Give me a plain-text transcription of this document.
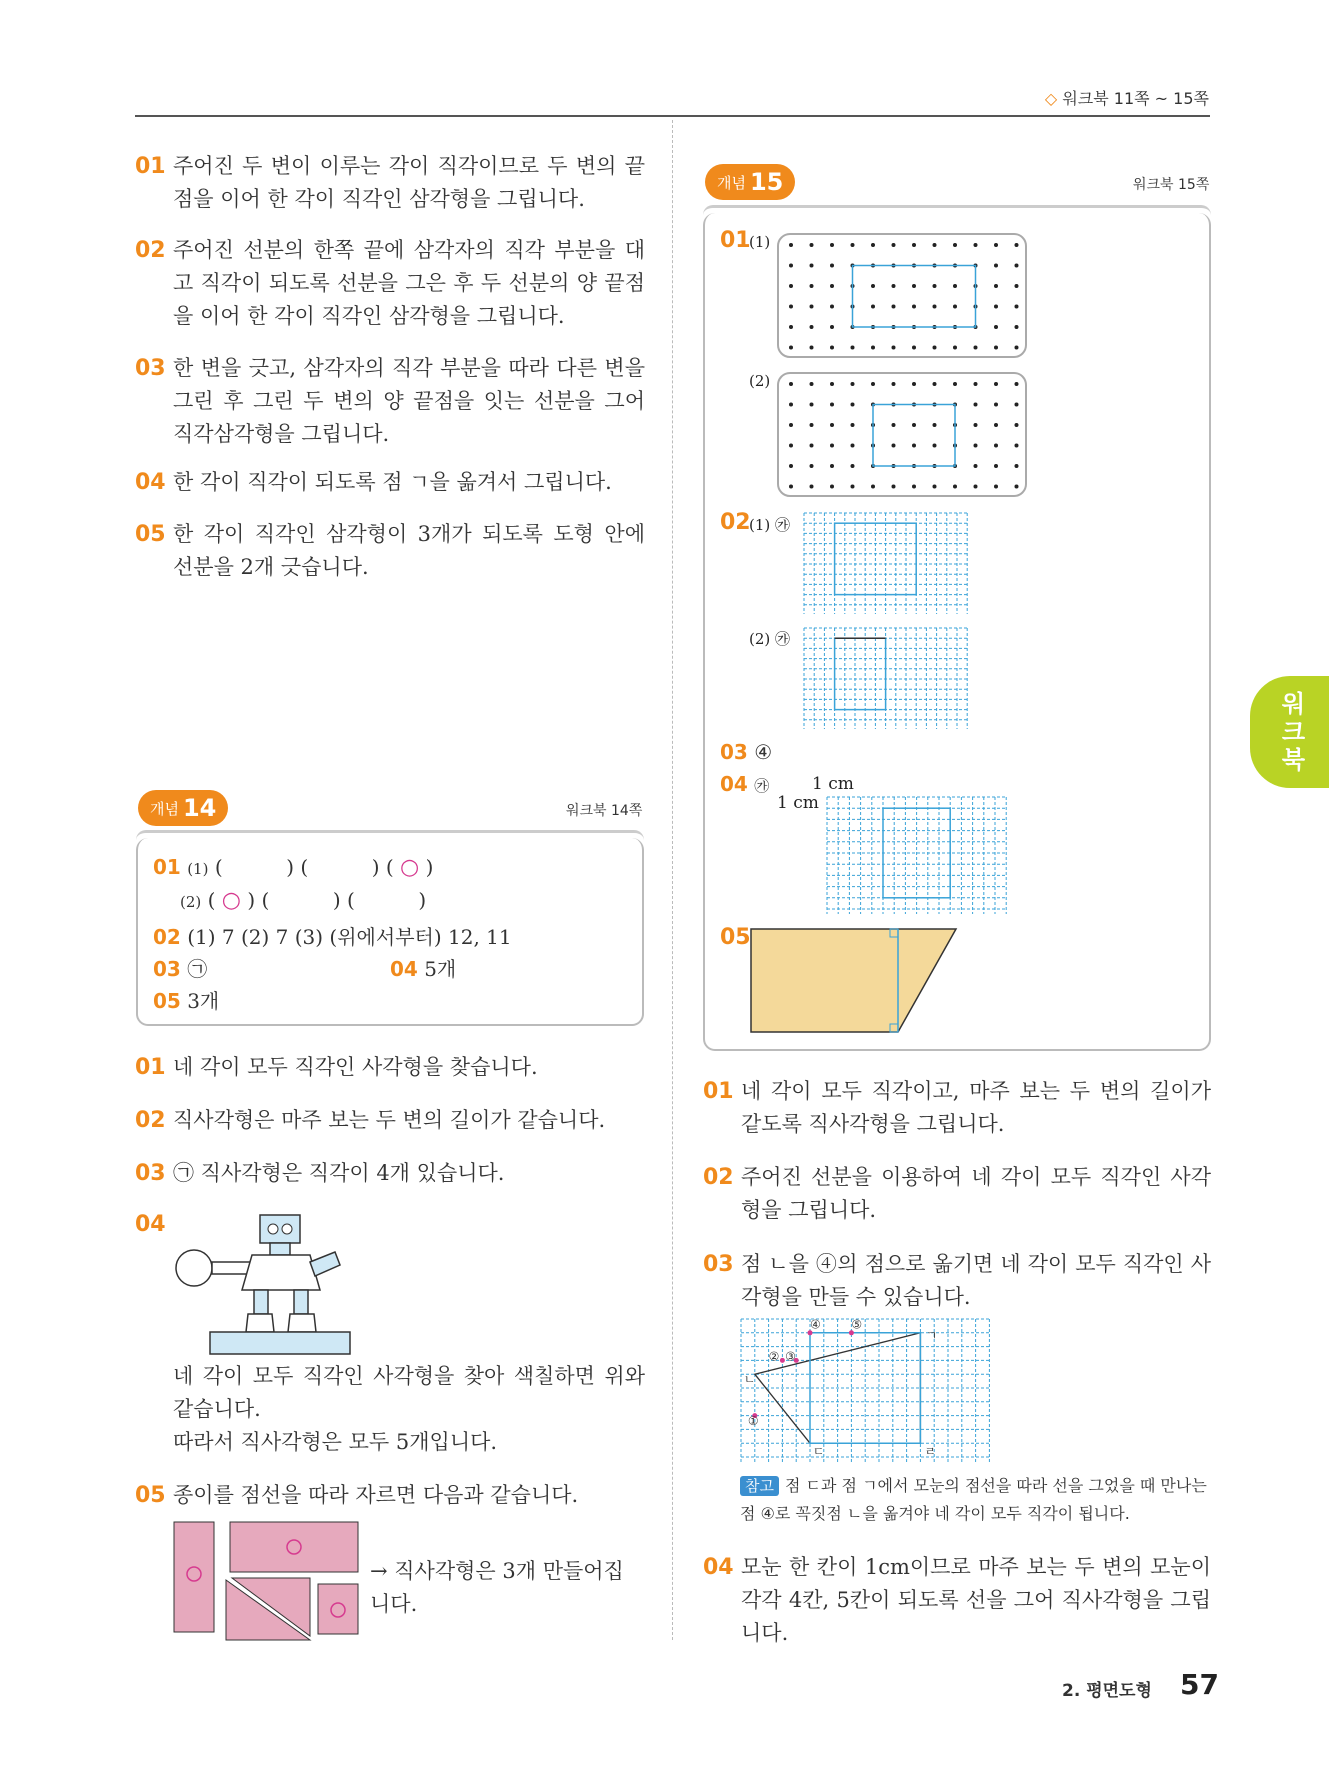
◇ 워크북 11쪽 ~ 15쪽
01 주어진 두 변이 이루는 각이 직각이므로 두 변의 끝점을 이어 한 각이 직각인 삼각형을 그립니다.
02 주어진 선분의 한쪽 끝에 삼각자의 직각 부분을 대고 직각이 되도록 선분을 그은 후 두 선분의 양 끝점을 이어 한 각이 직각인 삼각형을 그립니다.
03 한 변을 긋고, 삼각자의 직각 부분을 따라 다른 변을 그린 후 그린 두 변의 양 끝점을 잇는 선분을 그어 직각삼각형을 그립니다.
04 한 각이 직각이 되도록 점 ㄱ을 옮겨서 그립니다.
05 한 각이 직각인 삼각형이 3개가 되도록 도형 안에 선분을 2개 긋습니다.
개념 14	워크북 14쪽
01 (1) (          ) (          ) ( ○ )
(2) ( ○ ) (          ) (          )
02 (1) 7 (2) 7 (3) (위에서부터) 12, 11
03 ㉠	04 5개
05 3개
01 네 각이 모두 직각인 사각형을 찾습니다.
02 직사각형은 마주 보는 두 변의 길이가 같습니다.
03 ㉠ 직사각형은 직각이 4개 있습니다.
04
네 각이 모두 직각인 사각형을 찾아 색칠하면 위와 같습니다.
따라서 직사각형은 모두 5개입니다.
05 종이를 점선을 따라 자르면 다음과 같습니다.
→ 직사각형은 3개 만들어집니다.
개념 15	워크북 15쪽
01
(1)
(2)
02
(1) ㉮
(2) ㉮
03 ④
04 ㉮	1 cm
1 cm
05
01 네 각이 모두 직각이고, 마주 보는 두 변의 길이가 같도록 직사각형을 그립니다.
02 주어진 선분을 이용하여 네 각이 모두 직각인 사각형을 그립니다.
03 점 ㄴ을 ④의 점으로 옮기면 네 각이 모두 직각인 사각형을 만들 수 있습니다.
④	⑤
② ③
①
ㄱ
ㄴ
ㄷ	ㄹ
참고 점 ㄷ과 점 ㄱ에서 모눈의 점선을 따라 선을 그었을 때 만나는 점 ④로 꼭짓점 ㄴ을 옮겨야 네 각이 모두 직각이 됩니다.
04 모눈 한 칸이 1cm이므로 마주 보는 두 변의 모눈이 각각 4칸, 5칸이 되도록 선을 그어 직사각형을 그립니다.
워크북
2. 평면도형 57
